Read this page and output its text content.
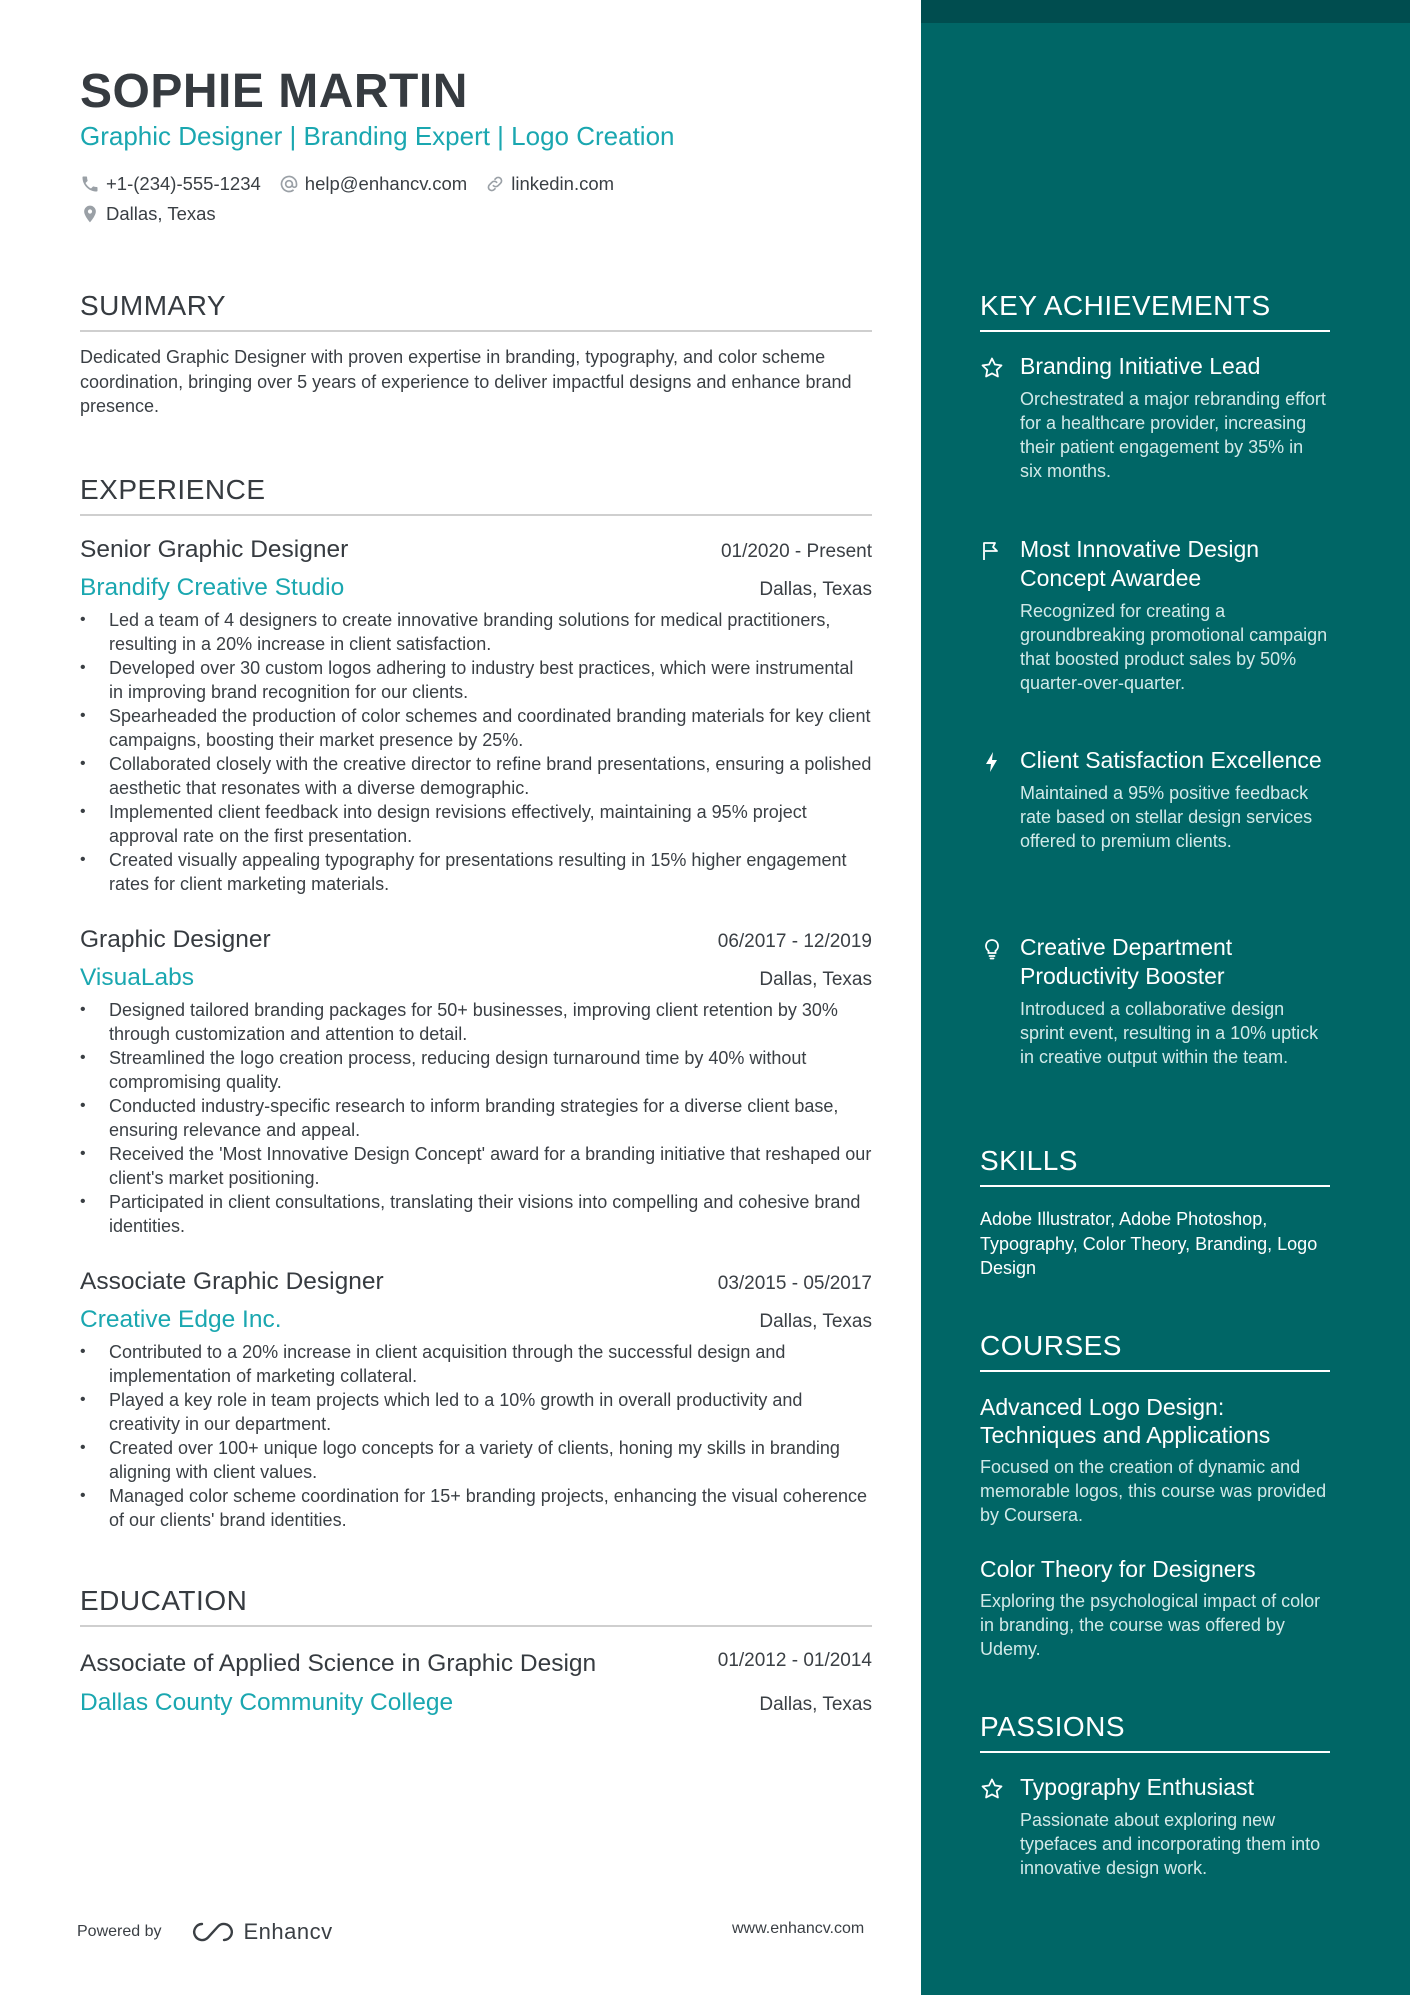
SOPHIE MARTIN
Graphic Designer | Branding Expert | Logo Creation
+1-(234)-555-1234 help@enhancv.com linkedin.com
Dallas, Texas
SUMMARY
Dedicated Graphic Designer with proven expertise in branding, typography, and color scheme coordination, bringing over 5 years of experience to deliver impactful designs and enhance brand presence.
EXPERIENCE
Senior Graphic Designer	01/2020 - Present
Brandify Creative Studio	Dallas, Texas
• Led a team of 4 designers to create innovative branding solutions for medical practitioners, resulting in a 20% increase in client satisfaction.
• Developed over 30 custom logos adhering to industry best practices, which were instrumental in improving brand recognition for our clients.
• Spearheaded the production of color schemes and coordinated branding materials for key client campaigns, boosting their market presence by 25%.
• Collaborated closely with the creative director to refine brand presentations, ensuring a polished aesthetic that resonates with a diverse demographic.
• Implemented client feedback into design revisions effectively, maintaining a 95% project approval rate on the first presentation.
• Created visually appealing typography for presentations resulting in 15% higher engagement rates for client marketing materials.
Graphic Designer	06/2017 - 12/2019
VisuaLabs	Dallas, Texas
• Designed tailored branding packages for 50+ businesses, improving client retention by 30% through customization and attention to detail.
• Streamlined the logo creation process, reducing design turnaround time by 40% without compromising quality.
• Conducted industry-specific research to inform branding strategies for a diverse client base, ensuring relevance and appeal.
• Received the 'Most Innovative Design Concept' award for a branding initiative that reshaped our client's market positioning.
• Participated in client consultations, translating their visions into compelling and cohesive brand identities.
Associate Graphic Designer	03/2015 - 05/2017
Creative Edge Inc.	Dallas, Texas
• Contributed to a 20% increase in client acquisition through the successful design and implementation of marketing collateral.
• Played a key role in team projects which led to a 10% growth in overall productivity and creativity in our department.
• Created over 100+ unique logo concepts for a variety of clients, honing my skills in branding aligning with client values.
• Managed color scheme coordination for 15+ branding projects, enhancing the visual coherence of our clients' brand identities.
EDUCATION
Associate of Applied Science in Graphic Design	01/2012 - 01/2014
Dallas County Community College	Dallas, Texas
KEY ACHIEVEMENTS
Branding Initiative Lead
Orchestrated a major rebranding effort for a healthcare provider, increasing their patient engagement by 35% in six months.
Most Innovative Design Concept Awardee
Recognized for creating a groundbreaking promotional campaign that boosted product sales by 50% quarter-over-quarter.
Client Satisfaction Excellence
Maintained a 95% positive feedback rate based on stellar design services offered to premium clients.
Creative Department Productivity Booster
Introduced a collaborative design sprint event, resulting in a 10% uptick in creative output within the team.
SKILLS
Adobe Illustrator, Adobe Photoshop, Typography, Color Theory, Branding, Logo Design
COURSES
Advanced Logo Design: Techniques and Applications
Focused on the creation of dynamic and memorable logos, this course was provided by Coursera.
Color Theory for Designers
Exploring the psychological impact of color in branding, the course was offered by Udemy.
PASSIONS
Typography Enthusiast
Passionate about exploring new typefaces and incorporating them into innovative design work.
Powered by	Enhancv	www.enhancv.com
